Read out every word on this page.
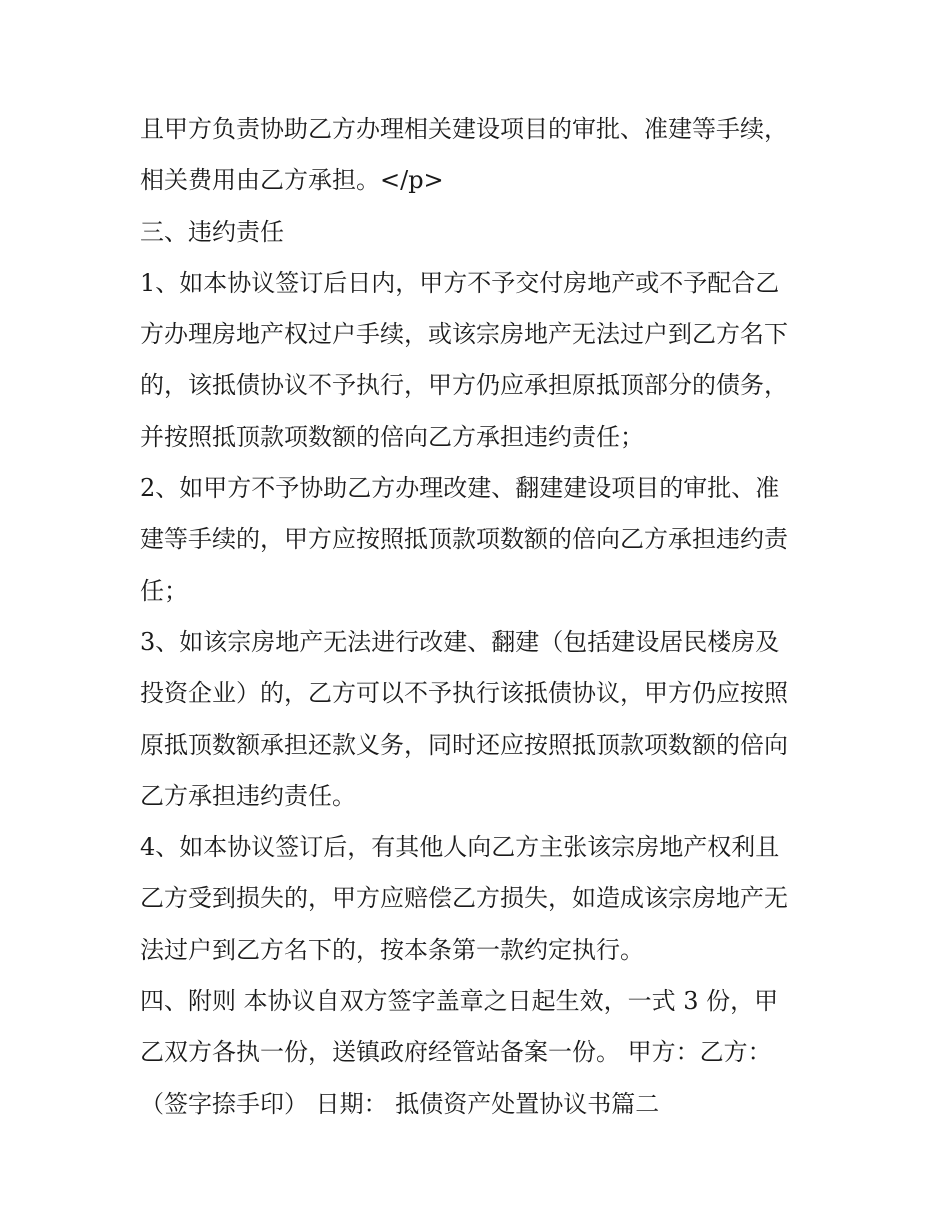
且甲方负责协助乙方办理相关建设项目的审批、准建等手续，
相关费用由乙方承担。</p>
三、违约责任
1、如本协议签订后日内，甲方不予交付房地产或不予配合乙
方办理房地产权过户手续，或该宗房地产无法过户到乙方名下
的，该抵债协议不予执行，甲方仍应承担原抵顶部分的债务，
并按照抵顶款项数额的倍向乙方承担违约责任；
2、如甲方不予协助乙方办理改建、翻建建设项目的审批、准
建等手续的，甲方应按照抵顶款项数额的倍向乙方承担违约责
任；
3、如该宗房地产无法进行改建、翻建（包括建设居民楼房及
投资企业）的，乙方可以不予执行该抵债协议，甲方仍应按照
原抵顶数额承担还款义务，同时还应按照抵顶款项数额的倍向
乙方承担违约责任。
4、如本协议签订后，有其他人向乙方主张该宗房地产权利且
乙方受到损失的，甲方应赔偿乙方损失，如造成该宗房地产无
法过户到乙方名下的，按本条第一款约定执行。
四、附则 本协议自双方签字盖章之日起生效，一式 3 份，甲
乙双方各执一份，送镇政府经管站备案一份。 甲方：乙方：
（签字捺手印） 日期： 抵债资产处置协议书篇二
